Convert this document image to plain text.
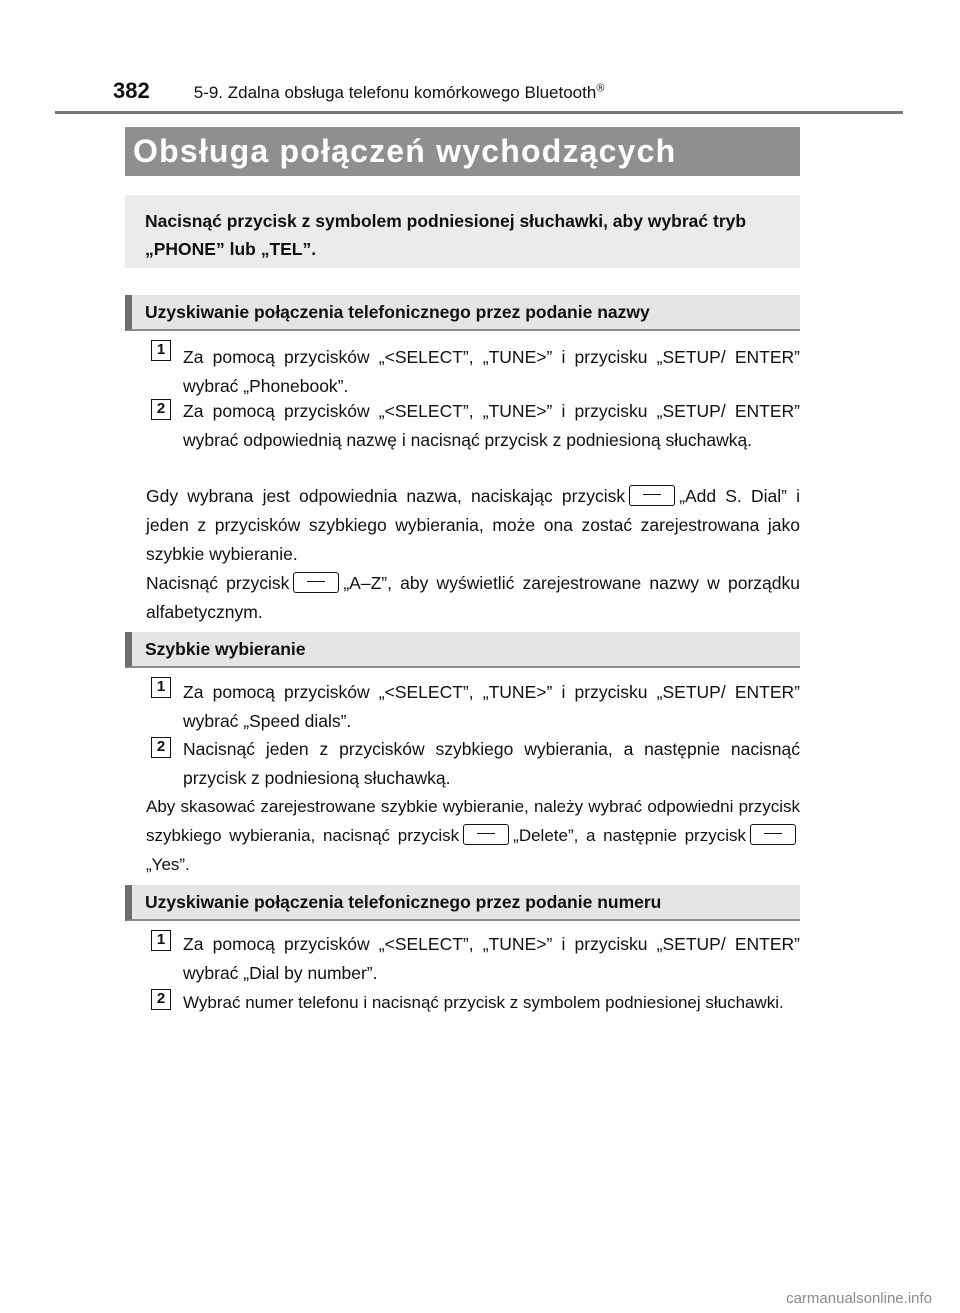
382	5-9. Zdalna obsługa telefonu komórkowego Bluetooth®
Obsługa połączeń wychodzących
Nacisnąć przycisk z symbolem podniesionej słuchawki, aby wybrać tryb „PHONE” lub „TEL”.
Uzyskiwanie połączenia telefonicznego przez podanie nazwy
1	Za pomocą przycisków „<SELECT”, „TUNE>” i przycisku „SETUP/ ENTER” wybrać „Phonebook”.
2	Za pomocą przycisków „<SELECT”, „TUNE>” i przycisku „SETUP/ ENTER” wybrać odpowiednią nazwę i nacisnąć przycisk z podniesioną słuchawką.
Gdy wybrana jest odpowiednia nazwa, naciskając przycisk	„Add S. Dial” i jeden z przycisków szybkiego wybierania, może ona zostać zarejestrowana jako szybkie wybieranie.
Nacisnąć przycisk	„A–Z”, aby wyświetlić zarejestrowane nazwy w porządku alfabetycznym.
Szybkie wybieranie
1	Za pomocą przycisków „<SELECT”, „TUNE>” i przycisku „SETUP/ ENTER” wybrać „Speed dials”.
2	Nacisnąć jeden z przycisków szybkiego wybierania, a następnie nacisnąć przycisk z podniesioną słuchawką.
Aby skasować zarejestrowane szybkie wybieranie, należy wybrać odpowiedni przycisk szybkiego wybierania, nacisnąć przycisk	„Delete”, a następnie przycisk„Yes”.
Uzyskiwanie połączenia telefonicznego przez podanie numeru
1	Za pomocą przycisków „<SELECT”, „TUNE>” i przycisku „SETUP/ ENTER” wybrać „Dial by number”.
2	Wybrać numer telefonu i nacisnąć przycisk z symbolem podniesionej słuchawki.
carmanualsonline.info
